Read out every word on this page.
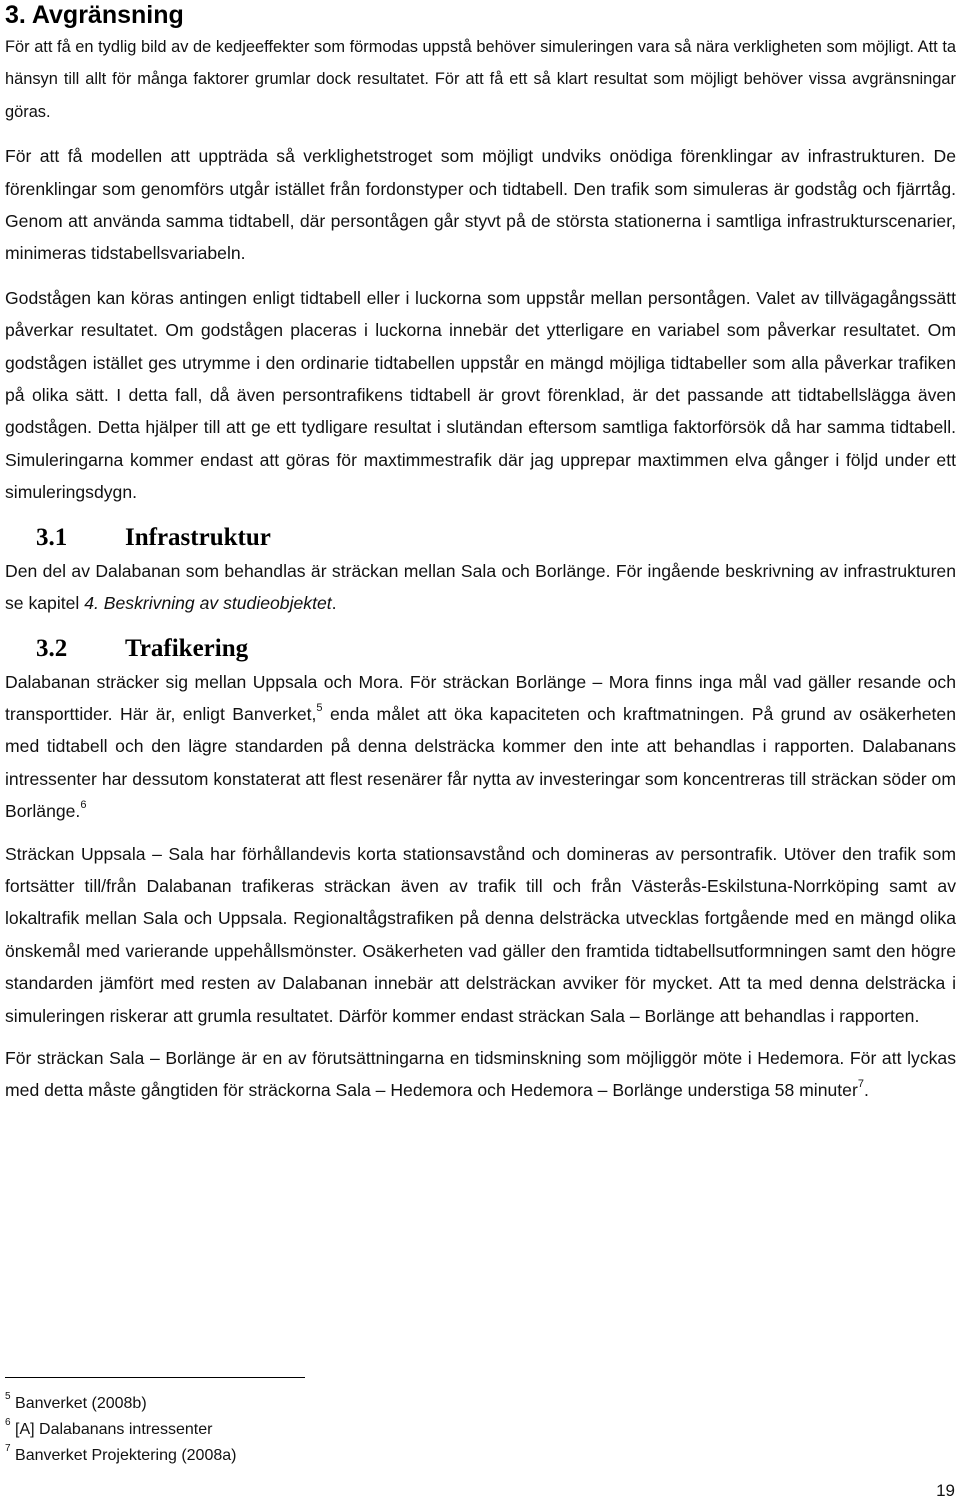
3. Avgränsning

För att få en tydlig bild av de kedjeeffekter som förmodas uppstå behöver simuleringen vara så nära verkligheten som möjligt. Att ta hänsyn till allt för många faktorer grumlar dock resultatet. För att få ett så klart resultat som möjligt behöver vissa avgränsningar göras.

För att få modellen att uppträda så verklighetstroget som möjligt undviks onödiga förenklingar av infrastrukturen. De förenklingar som genomförs utgår istället från fordonstyper och tidtabell. Den trafik som simuleras är godståg och fjärrtåg. Genom att använda samma tidtabell, där persontågen går styvt på de största stationerna i samtliga infrastrukturscenarier, minimeras tidstabellsvariabeln.

Godstågen kan köras antingen enligt tidtabell eller i luckorna som uppstår mellan persontågen. Valet av tillvägagångssätt påverkar resultatet. Om godstågen placeras i luckorna innebär det ytterligare en variabel som påverkar resultatet. Om godstågen istället ges utrymme i den ordinarie tidtabellen uppstår en mängd möjliga tidtabeller som alla påverkar trafiken på olika sätt. I detta fall, då även persontrafikens tidtabell är grovt förenklad, är det passande att tidtabellslägga även godstågen. Detta hjälper till att ge ett tydligare resultat i slutändan eftersom samtliga faktorförsök då har samma tidtabell. Simuleringarna kommer endast att göras för maxtimmestrafik där jag upprepar maxtimmen elva gånger i följd under ett simuleringsdygn.

3.1 Infrastruktur

Den del av Dalabanan som behandlas är sträckan mellan Sala och Borlänge. För ingående beskrivning av infrastrukturen se kapitel 4. Beskrivning av studieobjektet.

3.2 Trafikering

Dalabanan sträcker sig mellan Uppsala och Mora. För sträckan Borlänge – Mora finns inga mål vad gäller resande och transporttider. Här är, enligt Banverket,$^5$ enda målet att öka kapaciteten och kraftmatningen. På grund av osäkerheten med tidtabell och den lägre standarden på denna delsträcka kommer den inte att behandlas i rapporten. Dalabanans intressenter har dessutom konstaterat att flest resenärer får nytta av investeringar som koncentreras till sträckan söder om Borlänge.$^6$

Sträckan Uppsala – Sala har förhållandevis korta stationsavstånd och domineras av persontrafik. Utöver den trafik som fortsätter till/från Dalabanan trafikeras sträckan även av trafik till och från Västerås-Eskilstuna-Norrköping samt av lokaltrafik mellan Sala och Uppsala. Regionaltågstrafiken på denna delsträcka utvecklas fortgående med en mängd olika önskemål med varierande uppehållsmönster. Osäkerheten vad gäller den framtida tidtabellsutformningen samt den högre standarden jämfört med resten av Dalabanan innebär att delsträckan avviker för mycket. Att ta med denna delsträcka i simuleringen riskerar att grumla resultatet. Därför kommer endast sträckan Sala – Borlänge att behandlas i rapporten.

För sträckan Sala – Borlänge är en av förutsättningarna en tidsminskning som möjliggör möte i Hedemora. För att lyckas med detta måste gångtiden för sträckorna Sala – Hedemora och Hedemora – Borlänge understiga 58 minuter$^7$.

$^5$ Banverket (2008b)
$^6$ [A] Dalabanans intressenter
$^7$ Banverket Projektering (2008a)
19
